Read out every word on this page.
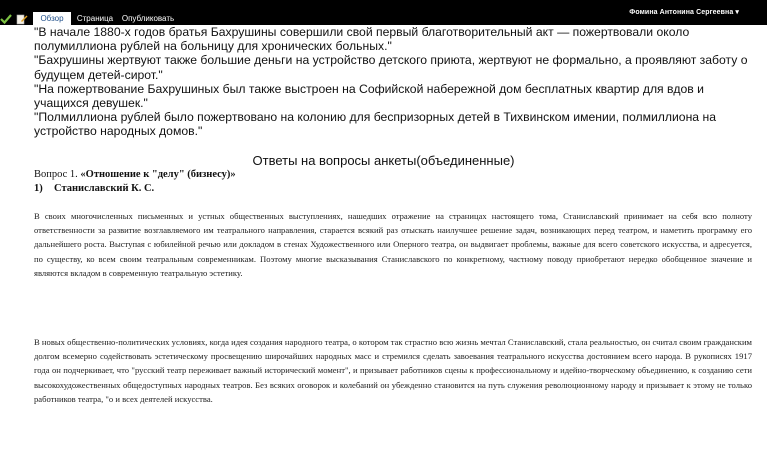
Обзор	Страница	Опубликовать
Фомина Антонина Сергеевна ▾

"В начале 1880-х годов братья Бахрушины совершили свой первый благотворительный акт — пожертвовали около полумиллиона рублей на больницу для хронических больных."

"Бахрушины жертвуют также большие деньги на устройство детского приюта, жертвуют не формально, а проявляют заботу о будущем детей-сирот."

"На пожертвование Бахрушиных был также выстроен на Софийской набережной дом бесплатных квартир для вдов и учащихся девушек."

"Полмиллиона рублей было пожертвовано на колонию для беспризорных детей в Тихвинском имении, полмиллиона на устройство народных домов."

Ответы на вопросы анкеты(объединенные)
Вопрос 1. «Отношение к "делу" (бизнесу)»
1) Станиславский К. С.
В своих многочисленных письменных и устных общественных выступлениях, нашедших отражение на страницах настоящего тома, Станиславский принимает на себя всю полноту ответственности за развитие возглавляемого им театрального направления, старается всякий раз отыскать наилучшее решение задач, возникающих перед театром, и наметить программу его дальнейшего роста. Выступая с юбилейной речью или докладом в стенах Художественного или Оперного театра, он выдвигает проблемы, важные для всего советского искусства, и адресуется, по существу, ко всем своим театральным современникам. Поэтому многие высказывания Станиславского по конкретному, частному поводу приобретают нередко обобщенное значение и являются вкладом в современную театральную эстетику.
В новых общественно-политических условиях, когда идея создания народного театра, о котором так страстно всю жизнь мечтал Станиславский, стала реальностью, он считал своим гражданским долгом всемерно содействовать эстетическому просвещению широчайших народных масс и стремился сделать завоевания театрального искусства достоянием всего народа. В рукописях 1917 года он подчеркивает, что "русский театр переживает важный исторический момент", и призывает работников сцены к профессиональному и идейно-творческому объединению, к созданию сети высокохудожественных общедоступных народных театров. Без всяких оговорок и колебаний он убежденно становится на путь служения революционному народу и призывает к этому не только работников театра, "о и всех деятелей искусства.
